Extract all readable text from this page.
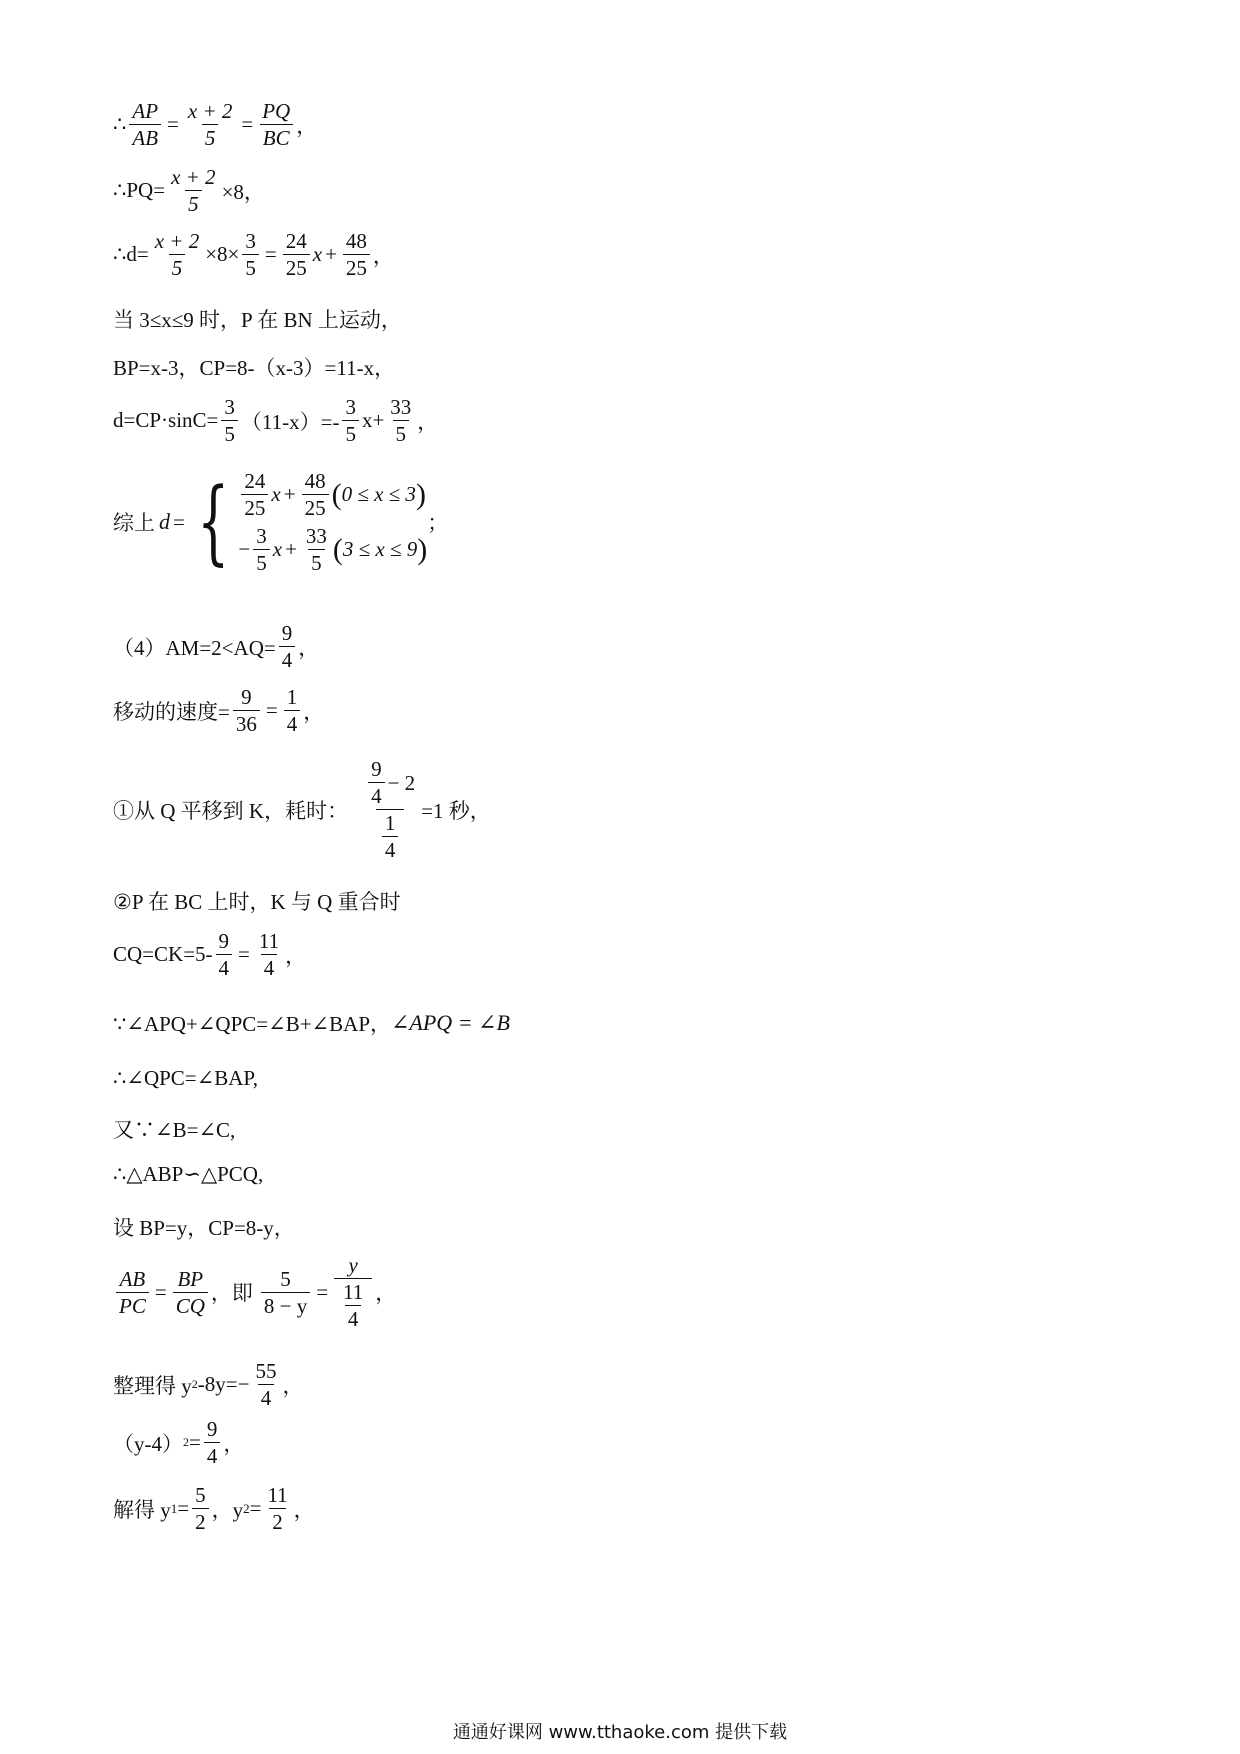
∴ $\frac{AP}{AB} = \frac{x + 2}{5} = \frac{PQ}{BC}$ ，
∴PQ= $\frac{x + 2}{5} \times 8$，
∴d= $\frac{x + 2}{5} \times 8\times \frac{3}{5} = \frac{24}{25}$ $x + \frac{48}{25}$ ，
当 3≤x≤9 时，P 在 BN 上运动，
BP=x-3，CP=8-（x-3）=11-x，
$d=CP\cdot\sin C= \frac{3}{5} (11-x)=- \frac{3}{5} x+ \frac{33}{5}$ ，
综上 d = { $\frac{24}{25}$ $x + \frac{48}{25}$ ( 0 ≤ x ≤ 3 )
− $\frac{3}{5}$ $x + \frac{33}{5}$ ( 3 ≤ x ≤ 9 )
；
$(4)AM=2<AQ= \frac{9}{4}$ ，
移动的速度= $\frac{9}{36} = \frac{1}{4}$ ，
①从 Q 平移到 K，耗时： $\frac{\frac{9}{4} - 2}{\frac{1}{4}} =1$ 秒，
②P 在 BC 上时，K 与 Q 重合时
$CQ=CK=5- \frac{9}{4} = \frac{11}{4}$ ，
∵∠APQ+∠QPC=∠B+∠BAP， ∠APQ = ∠B
∴∠QPC=∠BAP,
又∵∠B=∠C,
∴△ABP∽△PCQ,
设 BP=y，CP=8-y，
$\frac{AB}{PC} = \frac{BP}{CQ}$ ，即 $\frac{5}{8 - y} = \frac{y}{\frac{11}{4}}$ ，
整理得 y 2 $-8y=- \frac{55}{4}$ ，
（y-4） $2 = \frac{9}{4}$ ，
解得 y $1 = \frac{5}{2}$ ，y $2 = \frac{11}{2}$ ，
通通好课网 www.tthaoke.com 提供下载
